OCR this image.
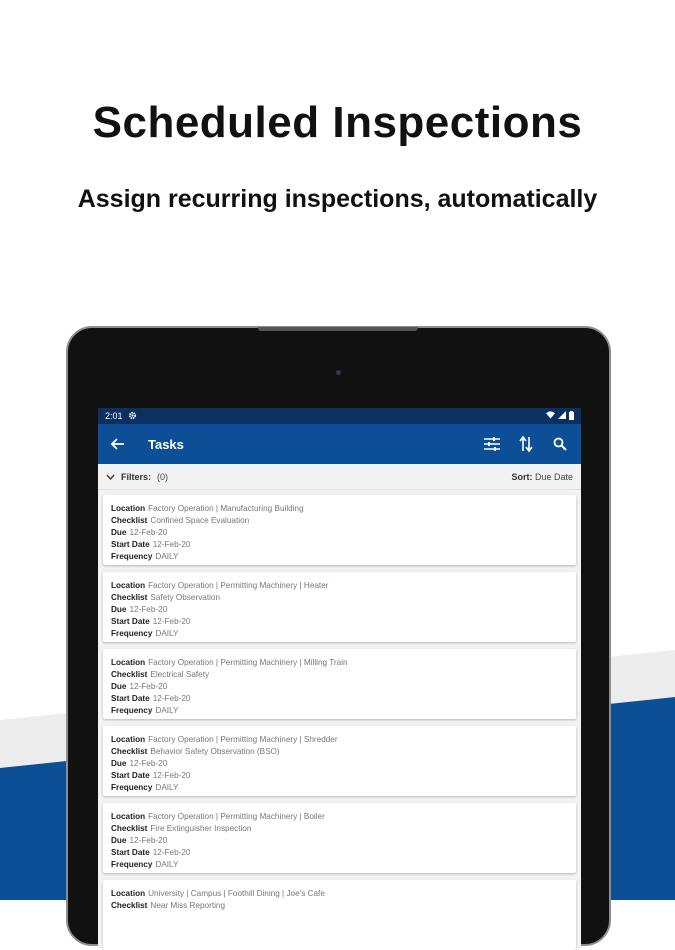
Scheduled Inspections
Assign recurring inspections, automatically
2:01
Tasks
Filters: (0)	Sort: Due Date
Location Factory Operation | Manufacturing Building
Checklist Confined Space Evaluation
Due 12-Feb-20
Start Date 12-Feb-20
Frequency DAILY
Location Factory Operation | Permitting Machinery | Heater
Checklist Safety Observation
Due 12-Feb-20
Start Date 12-Feb-20
Frequency DAILY
Location Factory Operation | Permitting Machinery | Milling Train
Checklist Electrical Safety
Due 12-Feb-20
Start Date 12-Feb-20
Frequency DAILY
Location Factory Operation | Permitting Machinery | Shredder
Checklist Behavior Safety Observation (BSO)
Due 12-Feb-20
Start Date 12-Feb-20
Frequency DAILY
Location Factory Operation | Permitting Machinery | Boiler
Checklist Fire Extinguisher Inspection
Due 12-Feb-20
Start Date 12-Feb-20
Frequency DAILY
Location University | Campus | Foothill Dining | Joe's Cafe
Checklist Near Miss Reporting
